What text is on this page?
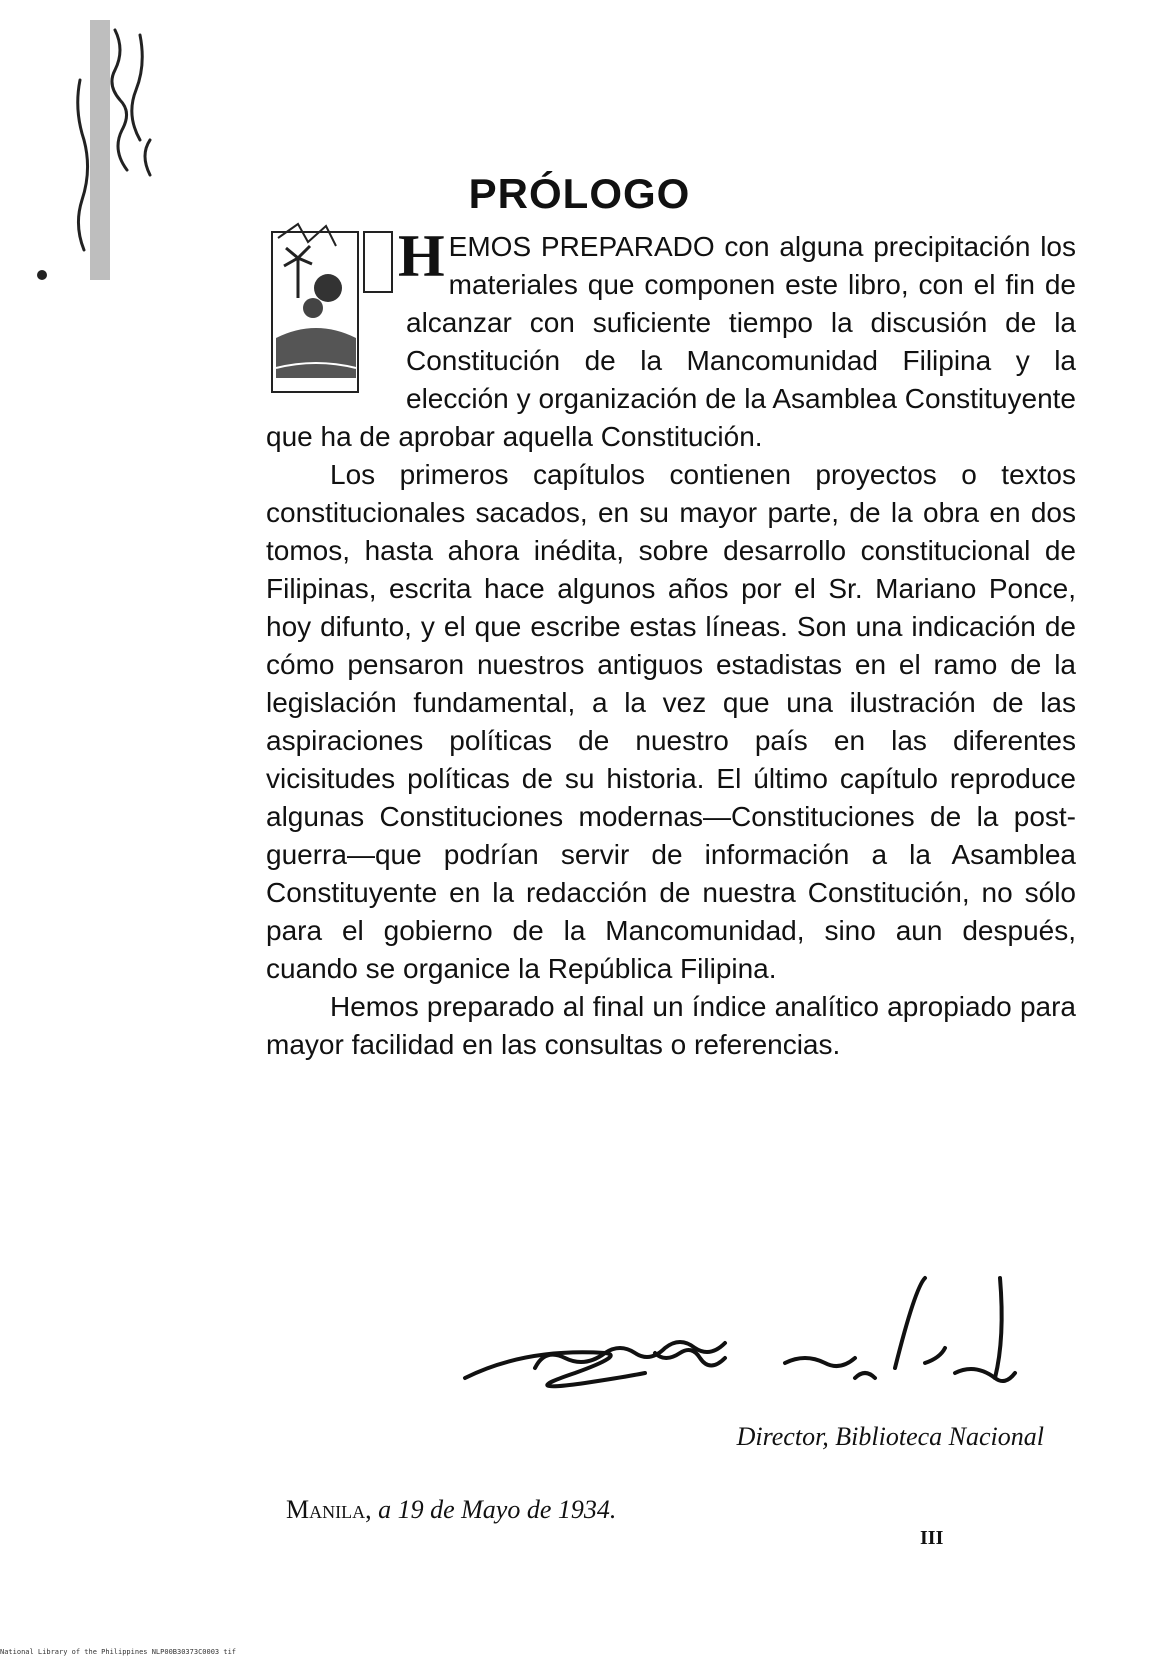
PRÓLOGO

HEMOS PREPARADO con alguna precipitación los materiales que componen este libro, con el fin de alcanzar con suficiente tiempo la discusión de la Constitución de la Mancomunidad Filipina y la elección y organización de la Asamblea Constituyente que ha de aprobar aquella Constitución.

Los primeros capítulos contienen proyectos o textos constitucionales sacados, en su mayor parte, de la obra en dos tomos, hasta ahora inédita, sobre desarrollo constitucional de Filipinas, escrita hace algunos años por el Sr. Mariano Ponce, hoy difunto, y el que escribe estas líneas. Son una indicación de cómo pensaron nuestros antiguos estadistas en el ramo de la legislación fundamental, a la vez que una ilustración de las aspiraciones políticas de nuestro país en las diferentes vicisitudes políticas de su historia. El último capítulo reproduce algunas Constituciones modernas—Constituciones de la post-guerra—que podrían servir de información a la Asamblea Constituyente en la redacción de nuestra Constitución, no sólo para el gobierno de la Mancomunidad, sino aun después, cuando se organice la República Filipina.

Hemos preparado al final un índice analítico apropiado para mayor facilidad en las consultas o referencias.

Director, Biblioteca Nacional
Manila, a 19 de Mayo de 1934.
III
National Library of the Philippines NLP00B30373C0003 tif
